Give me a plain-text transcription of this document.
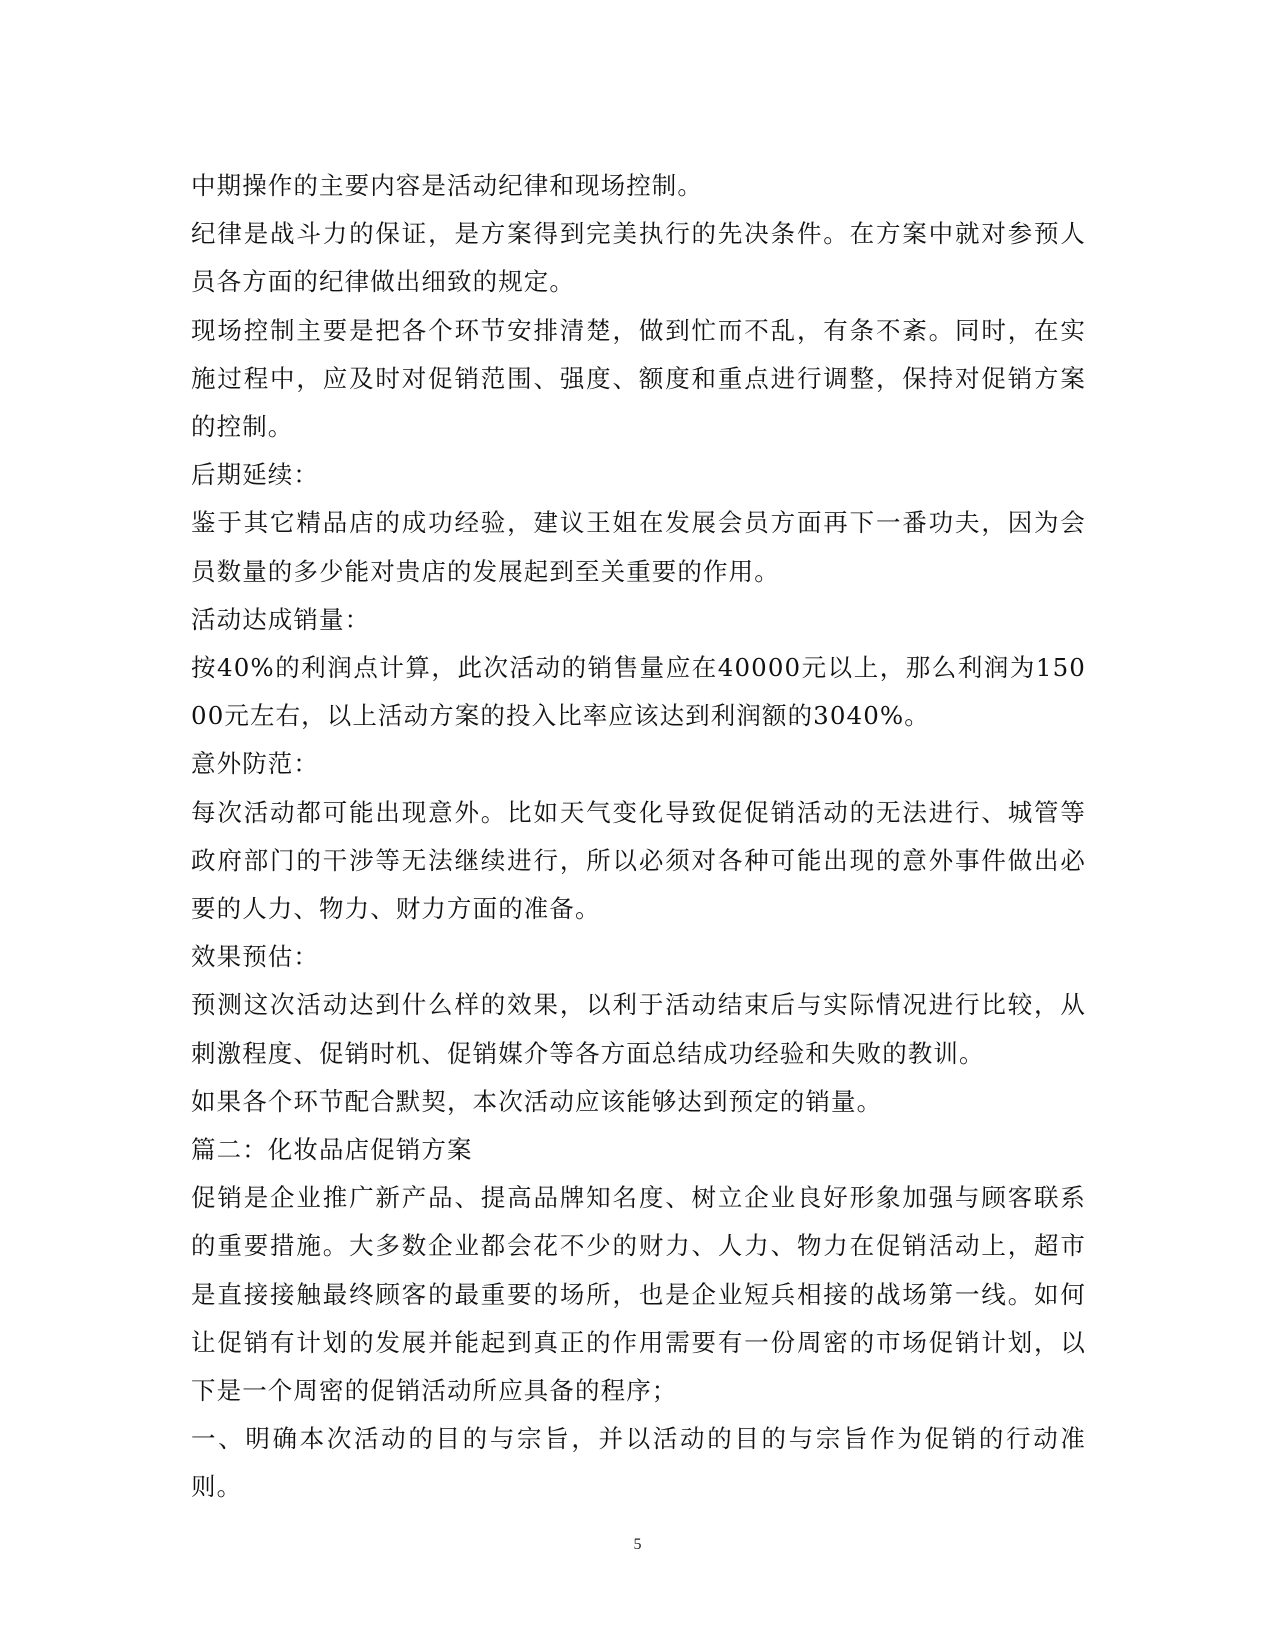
中期操作的主要内容是活动纪律和现场控制。

纪律是战斗力的保证，是方案得到完美执行的先决条件。在方案中就对参预人员各方面的纪律做出细致的规定。

现场控制主要是把各个环节安排清楚，做到忙而不乱，有条不紊。同时，在实施过程中，应及时对促销范围、强度、额度和重点进行调整，保持对促销方案的控制。

后期延续：

鉴于其它精品店的成功经验，建议王姐在发展会员方面再下一番功夫，因为会员数量的多少能对贵店的发展起到至关重要的作用。

活动达成销量：

按40%的利润点计算，此次活动的销售量应在40000元以上，那么利润为15000元左右，以上活动方案的投入比率应该达到利润额的3040%。

意外防范：

每次活动都可能出现意外。比如天气变化导致促促销活动的无法进行、城管等政府部门的干涉等无法继续进行，所以必须对各种可能出现的意外事件做出必要的人力、物力、财力方面的准备。

效果预估：

预测这次活动达到什么样的效果，以利于活动结束后与实际情况进行比较，从刺激程度、促销时机、促销媒介等各方面总结成功经验和失败的教训。

如果各个环节配合默契，本次活动应该能够达到预定的销量。

篇二：化妆品店促销方案

促销是企业推广新产品、提高品牌知名度、树立企业良好形象加强与顾客联系的重要措施。大多数企业都会花不少的财力、人力、物力在促销活动上，超市是直接接触最终顾客的最重要的场所，也是企业短兵相接的战场第一线。如何让促销有计划的发展并能起到真正的作用需要有一份周密的市场促销计划，以下是一个周密的促销活动所应具备的程序；

一、明确本次活动的目的与宗旨，并以活动的目的与宗旨作为促销的行动准则。

5
